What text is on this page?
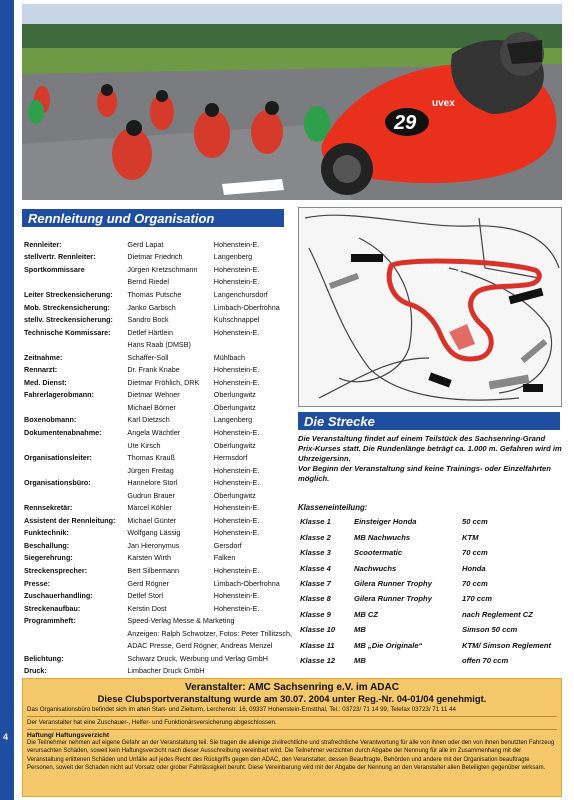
4
29
uvex
Rennleitung und Organisation
Rennleiter:	Gerd Lapat	Hohenstein-E.
stellvertr. Rennleiter:	Dietmar Friedrich	Langenberg
Sportkommissare	Jürgen Kretzschmann	Hohenstein-E.
	Bernd Riedel	Hohenstein-E.
Leiter Streckensicherung:	Thomas Putsche	Langenchursdorf
Mob. Streckensicherung:	Janko Garbsch	Limbach-Oberfrohna
stellv. Streckensicherung:	Sandro Bock	Kuhschnappel
Technische Kommissare:	Detlef Härtlein	Hohenstein-E.
	Hans Raab (DMSB)	
Zeitnahme:	Schaffer-Soll	Mühlbach
Rennarzt:	Dr. Frank Knabe	Hohenstein-E.
Med. Dienst:	Dietmar Fröhlich, DRK	Hohenstein-E.
Fahrerlagerobmann:	Dietmar Wehner	Oberlungwitz
	Michael Börner	Oberlungwitz
Boxenobmann:	Karl Dietzsch	Langenberg
Dokumentenabnahme:	Angela Wächtler	Hohenstein-E.
	Ute Kirsch	Oberlungwitz
Organisationsleiter:	Thomas Krauß	Hermsdorf
	Jürgen Freitag	Hohenstein-E.
Organisationsbüro:	Hannelore Storl	Hohenstein-E.
	Gudrun Brauer	Oberlungwitz
Rennsekretär:	Marcel Köhler	Hohenstein-E.
Assistent der Rennleitung:	Michael Günter	Hohenstein-E.
Funktechnik:	Wolfgang Lässig	Hohenstein-E.
Beschallung:	Jan Hieronymus	Gersdorf
Siegerehrung:	Karsten Wirth	Falken
Streckensprecher:	Bert Silbermann	Hohenstein-E.
Presse:	Gerd Rögner	Limbach-Oberfrohna
Zuschauerhandling:	Detlef Storl	Hohenstein-E.
Streckenaufbau:	Kerstin Dost	Hohenstein-E.
Programmheft:	Speed-Verlag Messe & Marketing	
	Anzeigen: Ralph Schwotzer, Fotos: Peter Trillitzsch,	
	ADAC Presse, Gerd Rögner, Andreas Menzel	
Belichtung:	Schwarz Druck, Werbung und Verlag GmbH	
Druck:	Limbacher Druck GmbH	
Die Strecke

Die Veranstaltung findet auf einem Teilstück des Sachsenring-Grand Prix-Kurses statt. Die Rundenlänge beträgt ca. 1.000 m. Gefahren wird im Uhrzeigersinn.

Vor Beginn der Veranstaltung sind keine Trainings- oder Einzelfahrten möglich.

Klasseneinteilung:
Klasse 1	Einsteiger Honda	50 ccm
Klasse 2	MB Nachwuchs	KTM
Klasse 3	Scootermatic	70 ccm
Klasse 4	Nachwuchs	Honda
Klasse 7	Gilera Runner Trophy	70 ccm
Klasse 8	Gilera Runner Trophy	170 ccm
Klasse 9	MB CZ	nach Reglement CZ
Klasse 10	MB	Simson 50 ccm
Klasse 11	MB „Die Originale“	KTM/ Simson Reglement
Klasse 12	MB	offen 70 ccm
Veranstalter: AMC Sachsenring e.V. im ADAC
Diese Clubsportveranstaltung wurde am 30.07. 2004 unter Reg.-Nr. 04-01/04 genehmigt.
Das Organisationsbüro befindet sich im alten Start- und Zielturm, Lerchenstr. 16, 09337 Hohenstein-Ernstthal, Tel.: 03723/ 71 14 99, Telefax 03723/ 71 11 44
Der Veranstalter hat eine Zuschauer-, Helfer- und Funktionärsversicherung abgeschlossen.
Haftung/ Haftungsverzicht
Die Teilnehmer nehmen auf eigene Gefahr an der Veranstaltung teil. Sie tragen die alleinige zivilrechtliche und strafrechtliche Verantwortung für alle von ihnen oder den von ihnen benutzten Fahrzeug verursachten Schäden, soweit kein Haftungsverzicht nach dieser Ausschreibung vereinbart wird. Die Teilnehmer verzichten durch Abgabe der Nennung für alle im Zusammenhang mit der Veranstaltung erlittenen Schäden und Unfälle auf jedes Recht des Rückgriffs gegen den ADAC, den Veranstalter, dessen Beauftragte, Behörden und andere mit der Organisation beauftragte Personen, soweit der Schaden nicht auf Vorsatz oder grober Fahrlässigkeit beruht. Diese Vereinbarung wird mit der Abgabe der Nennung an den Veranstalter allen Beteiligten gegenüber wirksam.
